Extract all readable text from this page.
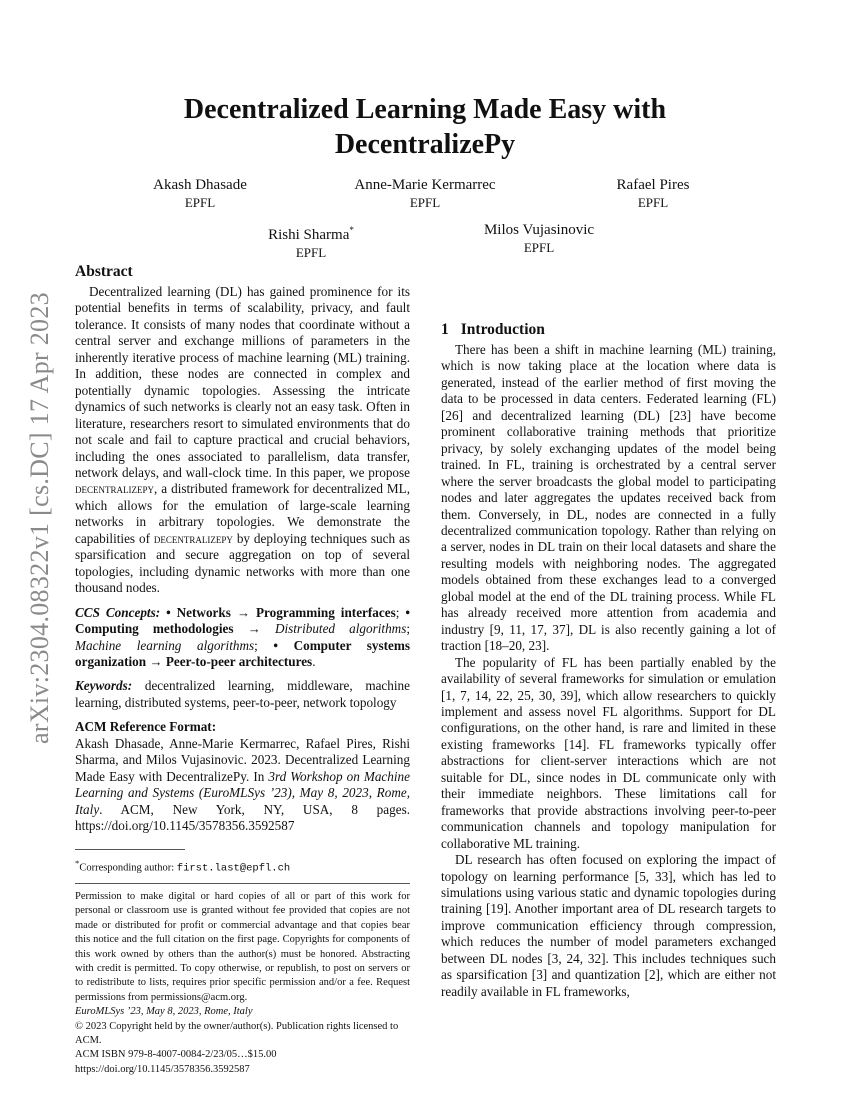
arXiv:2304.08322v1 [cs.DC] 17 Apr 2023
Decentralized Learning Made Easy with
DecentralizePy
Akash Dhasade
EPFL
Anne-Marie Kermarrec
EPFL
Rafael Pires
EPFL
Rishi Sharma*
EPFL
Milos Vujasinovic
EPFL
Abstract

Decentralized learning (DL) has gained prominence for its potential benefits in terms of scalability, privacy, and fault tolerance. It consists of many nodes that coordinate without a central server and exchange millions of parameters in the inherently iterative process of machine learning (ML) training. In addition, these nodes are connected in complex and potentially dynamic topologies. Assessing the intricate dynamics of such networks is clearly not an easy task. Often in literature, researchers resort to simulated environments that do not scale and fail to capture practical and crucial behaviors, including the ones associated to parallelism, data transfer, network delays, and wall-clock time. In this paper, we propose decentralizepy, a distributed framework for decentralized ML, which allows for the emulation of large-scale learning networks in arbitrary topologies. We demonstrate the capabilities of decentralizepy by deploying techniques such as sparsification and secure aggregation on top of several topologies, including dynamic networks with more than one thousand nodes.

CCS Concepts: • Networks → Programming interfaces; • Computing methodologies → Distributed algorithms; Machine learning algorithms; • Computer systems organization → Peer-to-peer architectures.

Keywords: decentralized learning, middleware, machine learning, distributed systems, peer-to-peer, network topology

ACM Reference Format:

Akash Dhasade, Anne-Marie Kermarrec, Rafael Pires, Rishi Sharma, and Milos Vujasinovic. 2023. Decentralized Learning Made Easy with DecentralizePy. In 3rd Workshop on Machine Learning and Systems (EuroMLSys ’23), May 8, 2023, Rome, Italy. ACM, New York, NY, USA, 8 pages. https://doi.org/10.1145/3578356.3592587

*Corresponding author: first.last@epfl.ch

Permission to make digital or hard copies of all or part of this work for personal or classroom use is granted without fee provided that copies are not made or distributed for profit or commercial advantage and that copies bear this notice and the full citation on the first page. Copyrights for components of this work owned by others than the author(s) must be honored. Abstracting with credit is permitted. To copy otherwise, or republish, to post on servers or to redistribute to lists, requires prior specific permission and/or a fee. Request permissions from permissions@acm.org.

EuroMLSys ’23, May 8, 2023, Rome, Italy

© 2023 Copyright held by the owner/author(s). Publication rights licensed to ACM.

ACM ISBN 979-8-4007-0084-2/23/05…$15.00

https://doi.org/10.1145/3578356.3592587

1 Introduction

There has been a shift in machine learning (ML) training, which is now taking place at the location where data is generated, instead of the earlier method of first moving the data to be processed in data centers. Federated learning (FL) [26] and decentralized learning (DL) [23] have become prominent collaborative training methods that prioritize privacy, by solely exchanging updates of the model being trained. In FL, training is orchestrated by a central server where the server broadcasts the global model to participating nodes and later aggregates the updates received back from them. Conversely, in DL, nodes are connected in a fully decentralized communication topology. Rather than relying on a server, nodes in DL train on their local datasets and share the resulting models with neighboring nodes. The aggregated models obtained from these exchanges lead to a converged global model at the end of the DL training process. While FL has already received more attention from academia and industry [9, 11, 17, 37], DL is also recently gaining a lot of traction [18–20, 23].

The popularity of FL has been partially enabled by the availability of several frameworks for simulation or emulation [1, 7, 14, 22, 25, 30, 39], which allow researchers to quickly implement and assess novel FL algorithms. Support for DL configurations, on the other hand, is rare and limited in these existing frameworks [14]. FL frameworks typically offer abstractions for client-server interactions which are not suitable for DL, since nodes in DL communicate only with their immediate neighbors. These limitations call for frameworks that provide abstractions involving peer-to-peer communication channels and topology manipulation for collaborative ML training.

DL research has often focused on exploring the impact of topology on learning performance [5, 33], which has led to simulations using various static and dynamic topologies during training [19]. Another important area of DL research targets to improve communication efficiency through compression, which reduces the number of model parameters exchanged between DL nodes [3, 24, 32]. This includes techniques such as sparsification [3] and quantization [2], which are either not readily available in FL frameworks,
